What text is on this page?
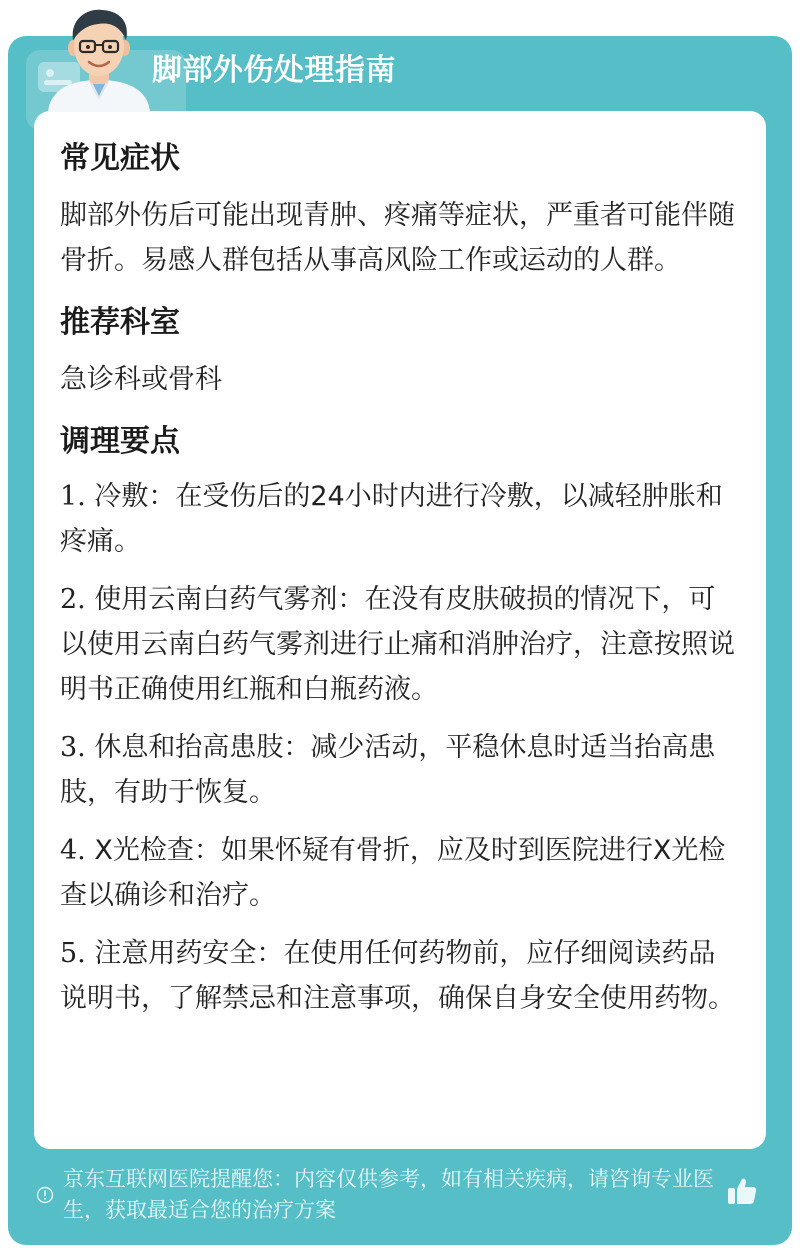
脚部外伤处理指南
常见症状

脚部外伤后可能出现青肿、疼痛等症状，严重者可能伴随骨折。易感人群包括从事高风险工作或运动的人群。

推荐科室

急诊科或骨科

调理要点
1. 冷敷：在受伤后的24小时内进行冷敷，以减轻肿胀和疼痛。
2. 使用云南白药气雾剂：在没有皮肤破损的情况下，可以使用云南白药气雾剂进行止痛和消肿治疗，注意按照说明书正确使用红瓶和白瓶药液。
3. 休息和抬高患肢：减少活动，平稳休息时适当抬高患肢，有助于恢复。
4. X光检查：如果怀疑有骨折，应及时到医院进行X光检查以确诊和治疗。
5. 注意用药安全：在使用任何药物前，应仔细阅读药品说明书，了解禁忌和注意事项，确保自身安全使用药物。

京东互联网医院提醒您：内容仅供参考，如有相关疾病，请咨询专业医生，获取最适合您的治疗方案
